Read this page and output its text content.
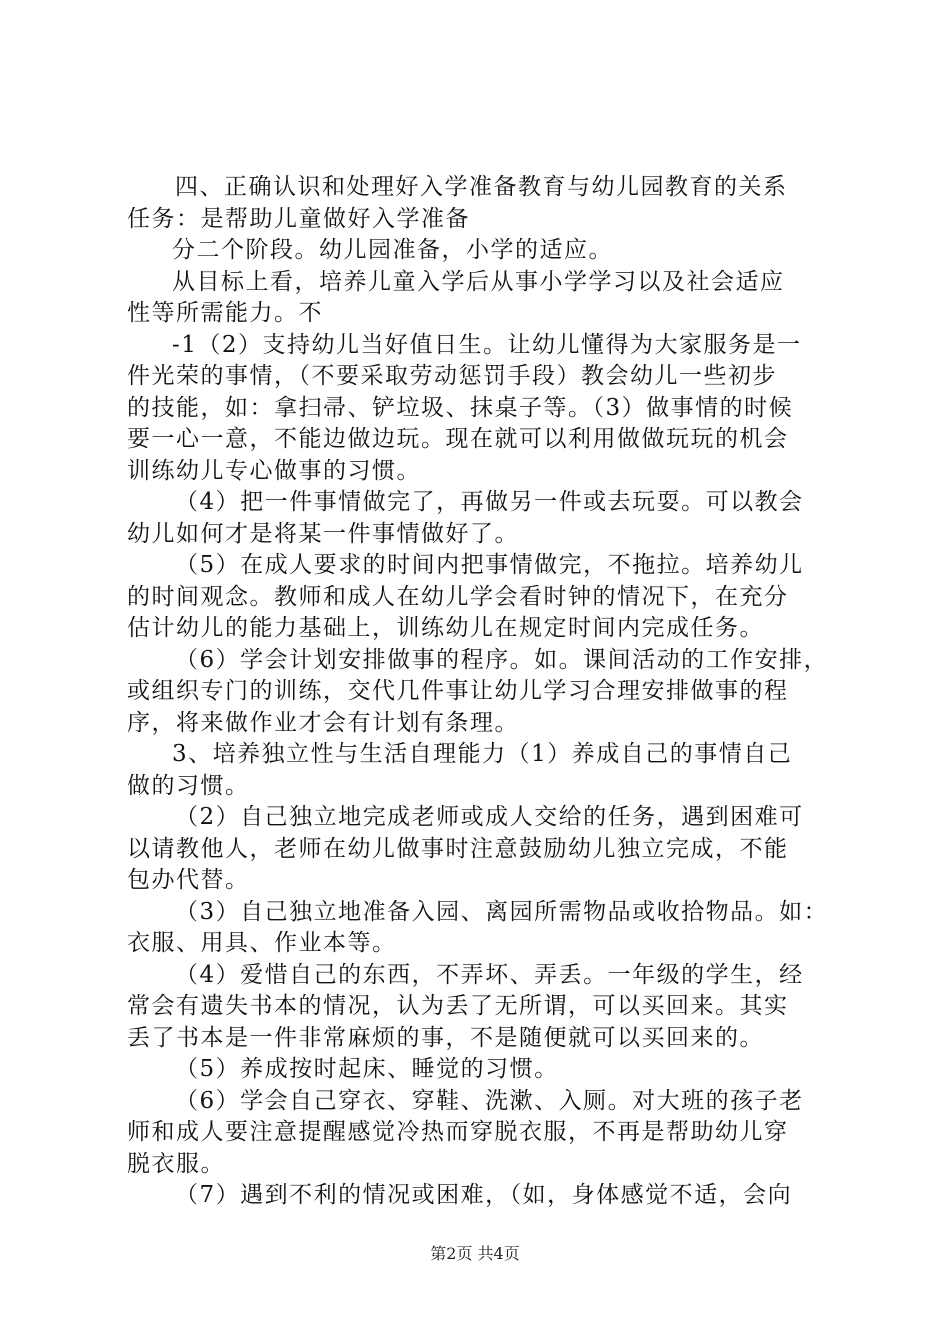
四、正确认识和处理好入学准备教育与幼儿园教育的关系
任务：是帮助儿童做好入学准备
分二个阶段。幼儿园准备，小学的适应。
从目标上看，培养儿童入学后从事小学学习以及社会适应
性等所需能力。不
-1（2）支持幼儿当好值日生。让幼儿懂得为大家服务是一
件光荣的事情，（不要采取劳动惩罚手段）教会幼儿一些初步
的技能，如：拿扫帚、铲垃圾、抹桌子等。（3）做事情的时候
要一心一意，不能边做边玩。现在就可以利用做做玩玩的机会
训练幼儿专心做事的习惯。
（4）把一件事情做完了，再做另一件或去玩耍。可以教会
幼儿如何才是将某一件事情做好了。
（5）在成人要求的时间内把事情做完，不拖拉。培养幼儿
的时间观念。教师和成人在幼儿学会看时钟的情况下，在充分
估计幼儿的能力基础上，训练幼儿在规定时间内完成任务。
（6）学会计划安排做事的程序。如。课间活动的工作安排，
或组织专门的训练，交代几件事让幼儿学习合理安排做事的程
序，将来做作业才会有计划有条理。
3、培养独立性与生活自理能力（1）养成自己的事情自己
做的习惯。
（2）自己独立地完成老师或成人交给的任务，遇到困难可
以请教他人，老师在幼儿做事时注意鼓励幼儿独立完成，不能
包办代替。
（3）自己独立地准备入园、离园所需物品或收拾物品。如：
衣服、用具、作业本等。
（4）爱惜自己的东西，不弄坏、弄丢。一年级的学生，经
常会有遗失书本的情况，认为丢了无所谓，可以买回来。其实
丢了书本是一件非常麻烦的事，不是随便就可以买回来的。
（5）养成按时起床、睡觉的习惯。
（6）学会自己穿衣、穿鞋、洗漱、入厕。对大班的孩子老
师和成人要注意提醒感觉冷热而穿脱衣服，不再是帮助幼儿穿
脱衣服。
（7）遇到不利的情况或困难，（如，身体感觉不适，会向
第2页 共4页
